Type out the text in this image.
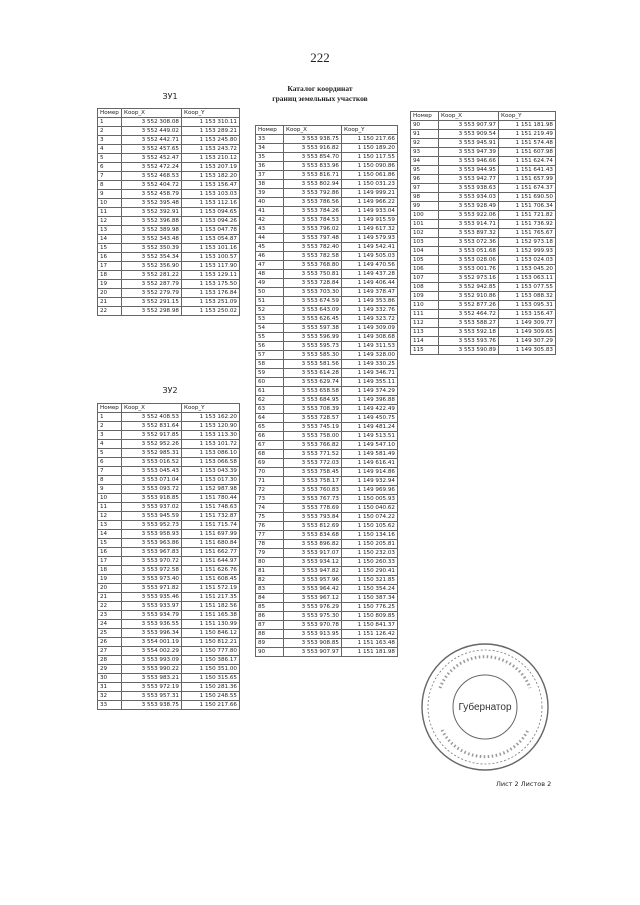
222
Каталог координат
границ земельных участков
ЗУ1
Номер	Коор_X	Коор_Y
1	3 552 308.08	1 153 310.11
2	3 552 449.02	1 153 289.21
3	3 552 442.71	1 153 245.80
4	3 552 457.65	1 153 243.72
5	3 552 452.47	1 153 210.12
6	3 552 472.24	1 153 207.19
7	3 552 468.53	1 153 182.20
8	3 552 404.72	1 153 156.47
9	3 552 458.79	1 153 103.03
10	3 552 395.48	1 153 112.16
11	3 552 392.91	1 153 094.65
12	3 552 396.88	1 153 094.26
13	3 552 389.98	1 153 047.78
14	3 552 343.48	1 153 054.87
15	3 552 350.39	1 153 101.16
16	3 552 354.34	1 153 100.57
17	3 552 356.90	1 153 117.90
18	3 552 281.22	1 153 129.11
19	3 552 287.79	1 153 175.50
20	3 552 279.79	1 153 176.84
21	3 552 291.15	1 153 251.09
22	3 552 298.98	1 153 250.02
ЗУ2
Номер	Коор_X	Коор_Y
1	3 552 408.53	1 153 162.20
2	3 552 831.64	1 153 120.90
3	3 552 917.85	1 153 113.30
4	3 552 952.26	1 153 101.72
5	3 552 985.31	1 153 086.10
6	3 553 016.52	1 153 066.58
7	3 553 045.43	1 153 043.39
8	3 553 071.04	1 153 017.30
9	3 553 093.72	1 152 987.98
10	3 553 918.85	1 151 780.44
11	3 553 937.02	1 151 748.63
12	3 553 945.59	1 151 732.87
13	3 553 952.73	1 151 715.74
14	3 553 958.93	1 151 697.99
15	3 553 963.86	1 151 680.84
16	3 553 967.83	1 151 662.77
17	3 553 970.72	1 151 644.97
18	3 553 972.58	1 151 626.76
19	3 553 973.40	1 151 608.45
20	3 553 971.82	1 151 572.19
21	3 553 935.46	1 151 217.35
22	3 553 933.97	1 151 182.56
23	3 553 934.79	1 151 165.38
24	3 553 936.55	1 151 130.99
25	3 553 996.34	1 150 846.12
26	3 554 001.19	1 150 812.21
27	3 554 002.29	1 150 777.80
28	3 553 993.09	1 150 386.17
29	3 553 990.22	1 150 351.00
30	3 553 983.21	1 150 315.65
31	3 553 972.19	1 150 281.36
32	3 553 957.31	1 150 248.55
33	3 553 938.75	1 150 217.66
Номер	Коор_X	Коор_Y
33	3 553 938.75	1 150 217.66
34	3 553 916.82	1 150 189.20
35	3 553 854.70	1 150 117.55
36	3 553 833.96	1 150 090.86
37	3 553 816.71	1 150 061.86
38	3 553 802.94	1 150 031.23
39	3 553 792.86	1 149 999.21
40	3 553 786.56	1 149 966.22
41	3 553 784.26	1 149 933.04
42	3 553 784.53	1 149 915.59
43	3 553 796.02	1 149 617.32
44	3 553 797.48	1 149 579.93
45	3 553 782.40	1 149 542.41
46	3 553 782.58	1 149 505.03
47	3 553 768.80	1 149 470.56
48	3 553 750.81	1 149 437.28
49	3 553 728.84	1 149 406.44
50	3 553 703.30	1 149 378.47
51	3 553 674.59	1 149 353.86
52	3 553 643.09	1 149 332.76
53	3 553 626.45	1 149 323.72
54	3 553 597.38	1 149 309.09
55	3 553 596.99	1 149 308.68
56	3 553 595.73	1 149 311.53
57	3 553 585.30	1 149 328.00
58	3 553 581.56	1 149 330.25
59	3 553 614.28	1 149 346.71
60	3 553 629.74	1 149 355.11
61	3 553 658.58	1 149 374.29
62	3 553 684.95	1 149 396.88
63	3 553 708.39	1 149 422.49
64	3 553 728.57	1 149 450.75
65	3 553 745.19	1 149 481.24
66	3 553 758.00	1 149 513.51
67	3 553 766.82	1 149 547.10
68	3 553 771.52	1 149 581.49
69	3 553 772.03	1 149 616.41
70	3 553 758.45	1 149 914.86
71	3 553 758.17	1 149 932.94
72	3 553 760.83	1 149 969.96
73	3 553 767.73	1 150 005.93
74	3 553 778.69	1 150 040.62
75	3 553 793.84	1 150 074.22
76	3 553 812.69	1 150 105.62
77	3 553 834.68	1 150 134.16
78	3 553 896.82	1 150 205.81
79	3 553 917.07	1 150 232.03
80	3 553 934.12	1 150 260.33
81	3 553 947.82	1 150 290.41
82	3 553 957.96	1 150 321.85
83	3 553 964.42	1 150 354.24
84	3 553 967.12	1 150 387.34
85	3 553 976.29	1 150 776.25
86	3 553 975.30	1 150 809.85
87	3 553 970.78	1 150 841.37
88	3 553 913.95	1 151 126.42
89	3 553 908.85	1 151 163.48
90	3 553 907.97	1 151 181.98
Номер	Коор_X	Коор_Y
90	3 553 907.97	1 151 181.98
91	3 553 909.54	1 151 219.49
92	3 553 945.91	1 151 574.48
93	3 553 947.39	1 151 607.98
94	3 553 946.66	1 151 624.74
95	3 553 944.95	1 151 641.43
96	3 553 942.77	1 151 657.99
97	3 553 938.63	1 151 674.37
98	3 553 934.03	1 151 690.50
99	3 553 928.49	1 151 706.34
100	3 553 922.06	1 151 721.82
101	3 553 914.71	1 151 736.92
102	3 553 897.32	1 151 765.67
103	3 553 072.36	1 152 973.18
104	3 553 051.68	1 152 999.93
105	3 553 028.06	1 153 024.03
106	3 553 001.76	1 153 045.20
107	3 552 973.16	1 153 063.11
108	3 552 942.85	1 153 077.55
109	3 552 910.86	1 153 088.32
110	3 552 877.26	1 153 095.31
111	3 552 464.72	1 153 156.47
112	3 553 588.27	1 149 309.77
113	3 553 592.18	1 149 309.65
114	3 553 593.76	1 149 307.29
115	3 553 590.89	1 149 305.83
Губернатор
Лист 2 Листов 2
